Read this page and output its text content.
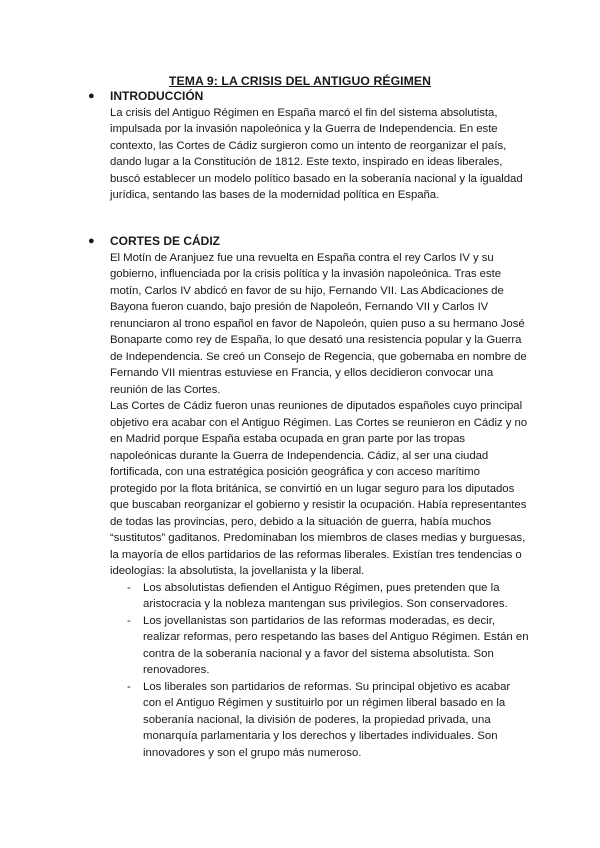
TEMA 9: LA CRISIS DEL ANTIGUO RÉGIMEN
● INTRODUCCIÓN

La crisis del Antiguo Régimen en España marcó el fin del sistema absolutista, impulsada por la invasión napoleónica y la Guerra de Independencia. En este contexto, las Cortes de Cádiz surgieron como un intento de reorganizar el país, dando lugar a la Constitución de 1812. Este texto, inspirado en ideas liberales, buscó establecer un modelo político basado en la soberanía nacional y la igualdad jurídica, sentando las bases de la modernidad política en España.

● CORTES DE CÁDIZ

El Motín de Aranjuez fue una revuelta en España contra el rey Carlos IV y su gobierno, influenciada por la crisis política y la invasión napoleónica. Tras este motín, Carlos IV abdicó en favor de su hijo, Fernando VII. Las Abdicaciones de Bayona fueron cuando, bajo presión de Napoleón, Fernando VII y Carlos IV renunciaron al trono español en favor de Napoleón, quien puso a su hermano José Bonaparte como rey de España, lo que desató una resistencia popular y la Guerra de Independencia. Se creó un Consejo de Regencia, que gobernaba en nombre de Fernando VII mientras estuviese en Francia, y ellos decidieron convocar una reunión de las Cortes.

Las Cortes de Cádiz fueron unas reuniones de diputados españoles cuyo principal objetivo era acabar con el Antiguo Régimen. Las Cortes se reunieron en Cádiz y no en Madrid porque España estaba ocupada en gran parte por las tropas napoleónicas durante la Guerra de Independencia. Cádiz, al ser una ciudad fortificada, con una estratégica posición geográfica y con acceso marítimo protegido por la flota británica, se convirtió en un lugar seguro para los diputados que buscaban reorganizar el gobierno y resistir la ocupación. Había representantes de todas las provincias, pero, debido a la situación de guerra, había muchos “sustitutos” gaditanos. Predominaban los miembros de clases medias y burguesas, la mayoría de ellos partidarios de las reformas liberales. Existían tres tendencias o ideologías: la absolutista, la jovellanista y la liberal.

- Los absolutistas defienden el Antiguo Régimen, pues pretenden que la aristocracia y la nobleza mantengan sus privilegios. Son conservadores.
- Los jovellanistas son partidarios de las reformas moderadas, es decir, realizar reformas, pero respetando las bases del Antiguo Régimen. Están en contra de la soberanía nacional y a favor del sistema absolutista. Son renovadores.
- Los liberales son partidarios de reformas. Su principal objetivo es acabar con el Antiguo Régimen y sustituirlo por un régimen liberal basado en la soberanía nacional, la división de poderes, la propiedad privada, una monarquía parlamentaria y los derechos y libertades individuales. Son innovadores y son el grupo más numeroso.
